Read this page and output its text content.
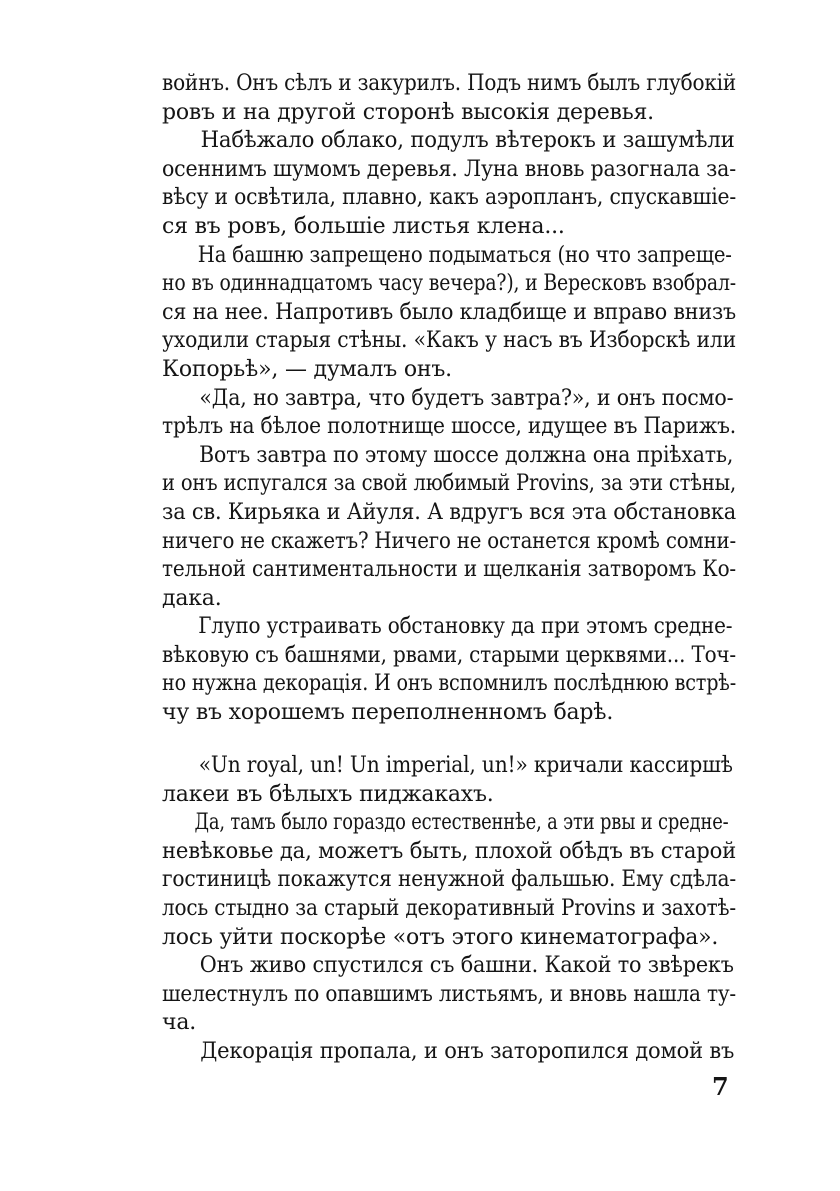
войнъ. Онъ сѣлъ и закурилъ. Подъ нимъ былъ глубокій
ровъ и на другой сторонѣ высокія деревья.
Набѣжало облако, подулъ вѣтерокъ и зашумѣли
осеннимъ шумомъ деревья. Луна вновь разогнала за-
вѣсу и освѣтила, плавно, какъ аэропланъ, спускавшіе-
ся въ ровъ, большіе листья клена...
На башню запрещено подыматься (но что запреще-
но въ одиннадцатомъ часу вечера?), и Вересковъ взобрал-
ся на нее. Напротивъ было кладбище и вправо внизъ
уходили старыя стѣны. «Какъ у насъ въ Изборскѣ или
Копорьѣ», — думалъ онъ.
«Да, но завтра, что будетъ завтра?», и онъ посмо-
трѣлъ на бѣлое полотнище шоссе, идущее въ Парижъ.
Вотъ завтра по этому шоссе должна она пріѣхать,
и онъ испугался за свой любимый Provins, за эти стѣны,
за св. Кирьяка и Айуля. А вдругъ вся эта обстановка
ничего не скажетъ? Ничего не останется кромѣ сомни-
тельной сантиментальности и щелканія затворомъ Ко-
дака.
Глупо устраивать обстановку да при этомъ средне-
вѣковую съ башнями, рвами, старыми церквями... Точ-
но нужна декорація. И онъ вспомнилъ послѣднюю встрѣ-
чу въ хорошемъ переполненномъ барѣ.
«Un royal, un! Un imperial, un!» кричали кассиршѣ
лакеи въ бѣлыхъ пиджакахъ.
Да, тамъ было гораздо естественнѣе, а эти рвы и средне-
невѣковье да, можетъ быть, плохой обѣдъ въ старой
гостиницѣ покажутся ненужной фальшью. Ему сдѣла-
лось стыдно за старый декоративный Provins и захотѣ-
лось уйти поскорѣе «отъ этого кинематографа».
Онъ живо спустился съ башни. Какой то звѣрекъ
шелестнулъ по опавшимъ листьямъ, и вновь нашла ту-
ча.
Декорація пропала, и онъ заторопился домой въ
7
